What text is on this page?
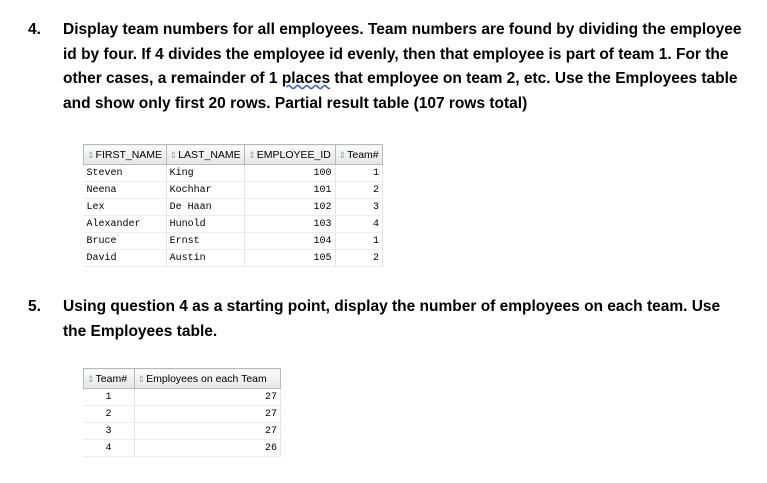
4. Display team numbers for all employees. Team numbers are found by dividing the employee id by four. If 4 divides the employee id evenly, then that employee is part of team 1. For the other cases, a remainder of 1 places that employee on team 2, etc. Use the Employees table and show only first 20 rows. Partial result table (107 rows total)
⇕FIRST_NAME	⇕LAST_NAME	⇕EMPLOYEE_ID	⇕Team#
Steven	King	100	1
Neena	Kochhar	101	2
Lex	De Haan	102	3
Alexander	Hunold	103	4
Bruce	Ernst	104	1
David	Austin	105	2
5. Using question 4 as a starting point, display the number of employees on each team. Use the Employees table.
⇕Team#	⇕Employees on each Team
1	27
2	27
3	27
4	26
